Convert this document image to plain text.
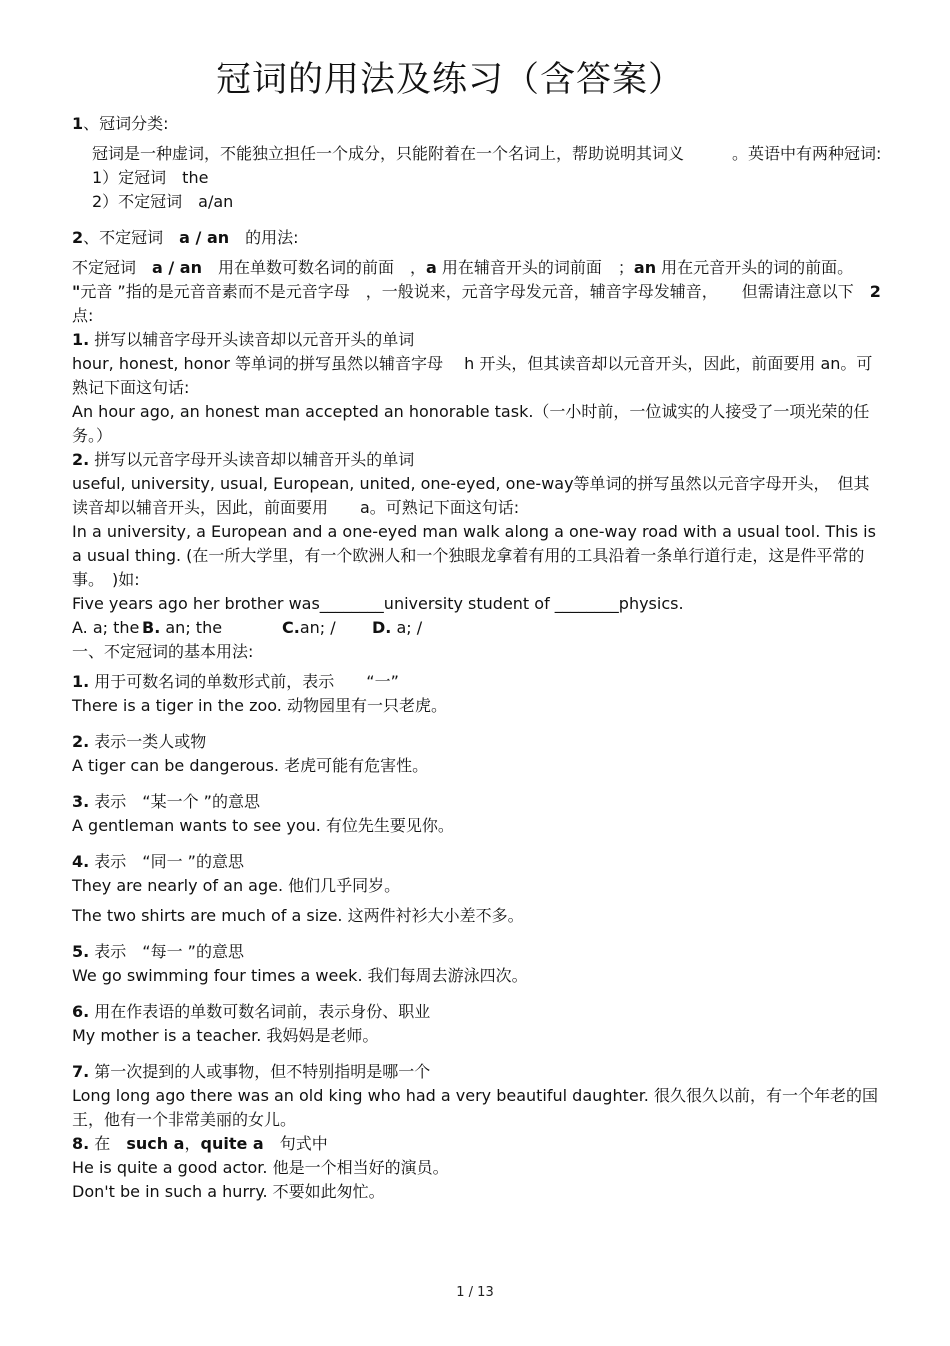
冠词的用法及练习（含答案）

1、冠词分类:

冠词是一种虚词，不能独立担任一个成分，只能附着在一个名词上，帮助说明其词义　　　。英语中有两种冠词:

1）定冠词　the

2）不定冠词　a/an

2、不定冠词　a / an　的用法:

不定冠词　a / an　用在单数可数名词的前面　，a 用在辅音开头的词前面　；an 用在元音开头的词的前面。

"元音 ”指的是元音音素而不是元音字母　，一般说来，元音字母发元音，辅音字母发辅音，　　但需请注意以下　2 点:

1. 拼写以辅音字母开头读音却以元音开头的单词

hour, honest, honor 等单词的拼写虽然以辅音字母　 h 开头，但其读音却以元音开头，因此，前面要用 an。可熟记下面这句话:

An hour ago, an honest man accepted an honorable task.（一小时前，一位诚实的人接受了一项光荣的任务。）

2. 拼写以元音字母开头读音却以辅音开头的单词

useful, university, usual, European, united, one-eyed, one-way等单词的拼写虽然以元音字母开头，　但其读音却以辅音开头，因此，前面要用　　a。可熟记下面这句话:

In a university, a European and a one-eyed man walk along a one-way road with a usual tool. This is a usual thing. (在一所大学里，有一个欧洲人和一个独眼龙拿着有用的工具沿着一条单行道行走，这是件平常的事。　)如:

Five years ago her brother was________university student of ________physics.

A. a; the B. an; the	C.an; / D. a; /

一、不定冠词的基本用法:

1. 用于可数名词的单数形式前，表示　　“一”

There is a tiger in the zoo. 动物园里有一只老虎。

2. 表示一类人或物

A tiger can be dangerous. 老虎可能有危害性。

3. 表示　“某一个 ”的意思

A gentleman wants to see you. 有位先生要见你。

4. 表示　“同一 ”的意思

They are nearly of an age. 他们几乎同岁。

The two shirts are much of a size. 这两件衬衫大小差不多。

5. 表示　“每一 ”的意思

We go swimming four times a week. 我们每周去游泳四次。

6. 用在作表语的单数可数名词前，表示身份、职业

My mother is a teacher. 我妈妈是老师。

7. 第一次提到的人或事物，但不特别指明是哪一个

Long long ago there was an old king who had a very beautiful daughter. 很久很久以前，有一个年老的国王，他有一个非常美丽的女儿。

8. 在　such a，quite a　句式中

He is quite a good actor. 他是一个相当好的演员。

Don't be in such a hurry. 不要如此匆忙。

1 / 13
